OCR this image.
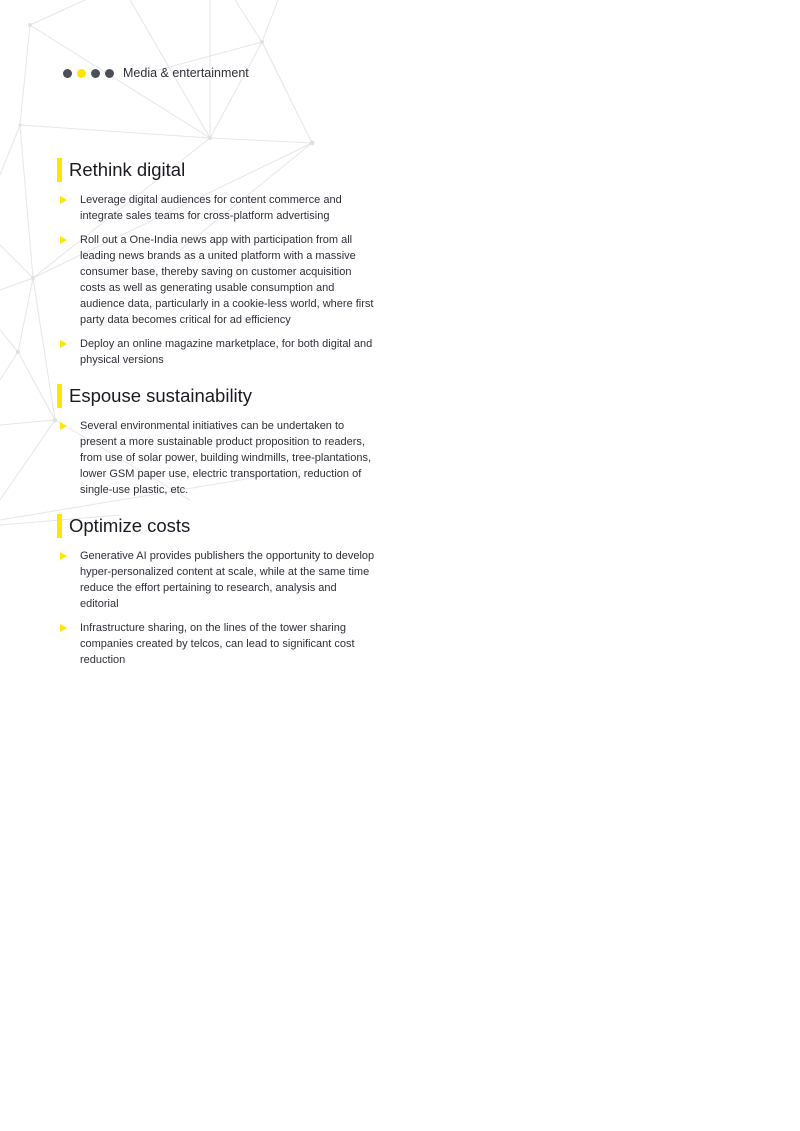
Media & entertainment
Rethink digital
Leverage digital audiences for content commerce and integrate sales teams for cross-platform advertising
Roll out a One-India news app with participation from all leading news brands as a united platform with a massive consumer base, thereby saving on customer acquisition costs as well as generating usable consumption and audience data, particularly in a cookie-less world, where first party data becomes critical for ad efficiency
Deploy an online magazine marketplace, for both digital and physical versions
Espouse sustainability
Several environmental initiatives can be undertaken to present a more sustainable product proposition to readers, from use of solar power, building windmills, tree-plantations, lower GSM paper use, electric transportation, reduction of single-use plastic, etc.
Optimize costs
Generative AI provides publishers the opportunity to develop hyper-personalized content at scale, while at the same time reduce the effort pertaining to research, analysis and editorial
Infrastructure sharing, on the lines of the tower sharing companies created by telcos, can lead to significant cost reduction
